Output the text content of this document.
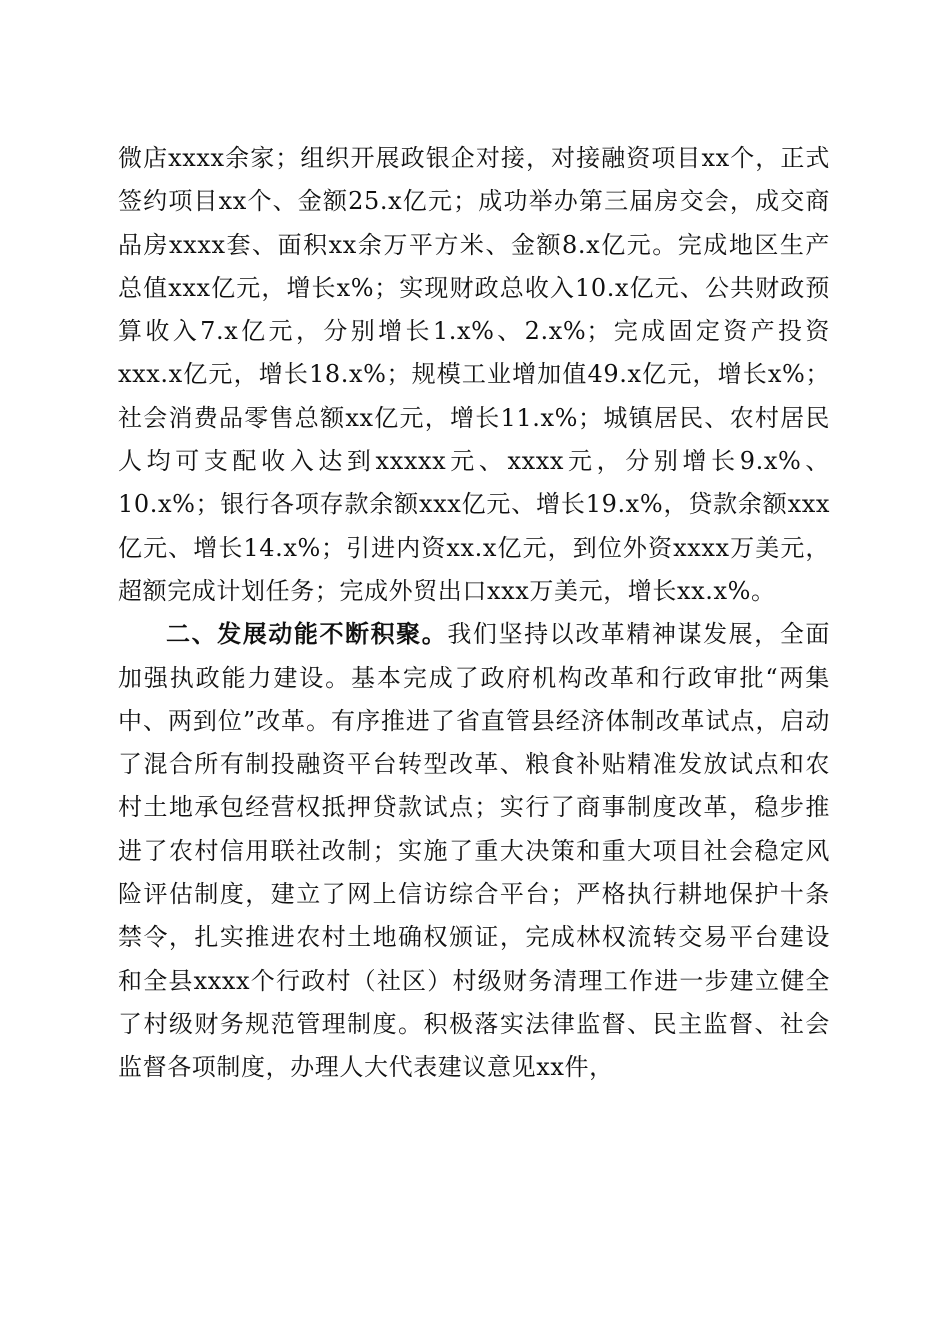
微店xxxx余家；组织开展政银企对接，对接融资项目xx个，正式签约项目xx个、金额25.x亿元；成功举办第三届房交会，成交商品房xxxx套、面积xx余万平方米、金额8.x亿元。完成地区生产总值xxx亿元，增长x%；实现财政总收入10.x亿元、公共财政预算收入7.x亿元，分别增长1.x%、2.x%；完成固定资产投资xxx.x亿元，增长18.x%；规模工业增加值49.x亿元，增长x%；社会消费品零售总额xx亿元，增长11.x%；城镇居民、农村居民人均可支配收入达到xxxxx元、xxxx元，分别增长9.x%、10.x%；银行各项存款余额xxx亿元、增长19.x%，贷款余额xxx亿元、增长14.x%；引进内资xx.x亿元，到位外资xxxx万美元，超额完成计划任务；完成外贸出口xxx万美元，增长xx.x%。

二、发展动能不断积聚。我们坚持以改革精神谋发展，全面加强执政能力建设。基本完成了政府机构改革和行政审批“两集中、两到位”改革。有序推进了省直管县经济体制改革试点，启动了混合所有制投融资平台转型改革、粮食补贴精准发放试点和农村土地承包经营权抵押贷款试点；实行了商事制度改革，稳步推进了农村信用联社改制；实施了重大决策和重大项目社会稳定风险评估制度，建立了网上信访综合平台；严格执行耕地保护十条禁令，扎实推进农村土地确权颁证，完成林权流转交易平台建设和全县xxxx个行政村（社区）村级财务清理工作进一步建立健全了村级财务规范管理制度。积极落实法律监督、民主监督、社会监督各项制度，办理人大代表建议意见xx件，
